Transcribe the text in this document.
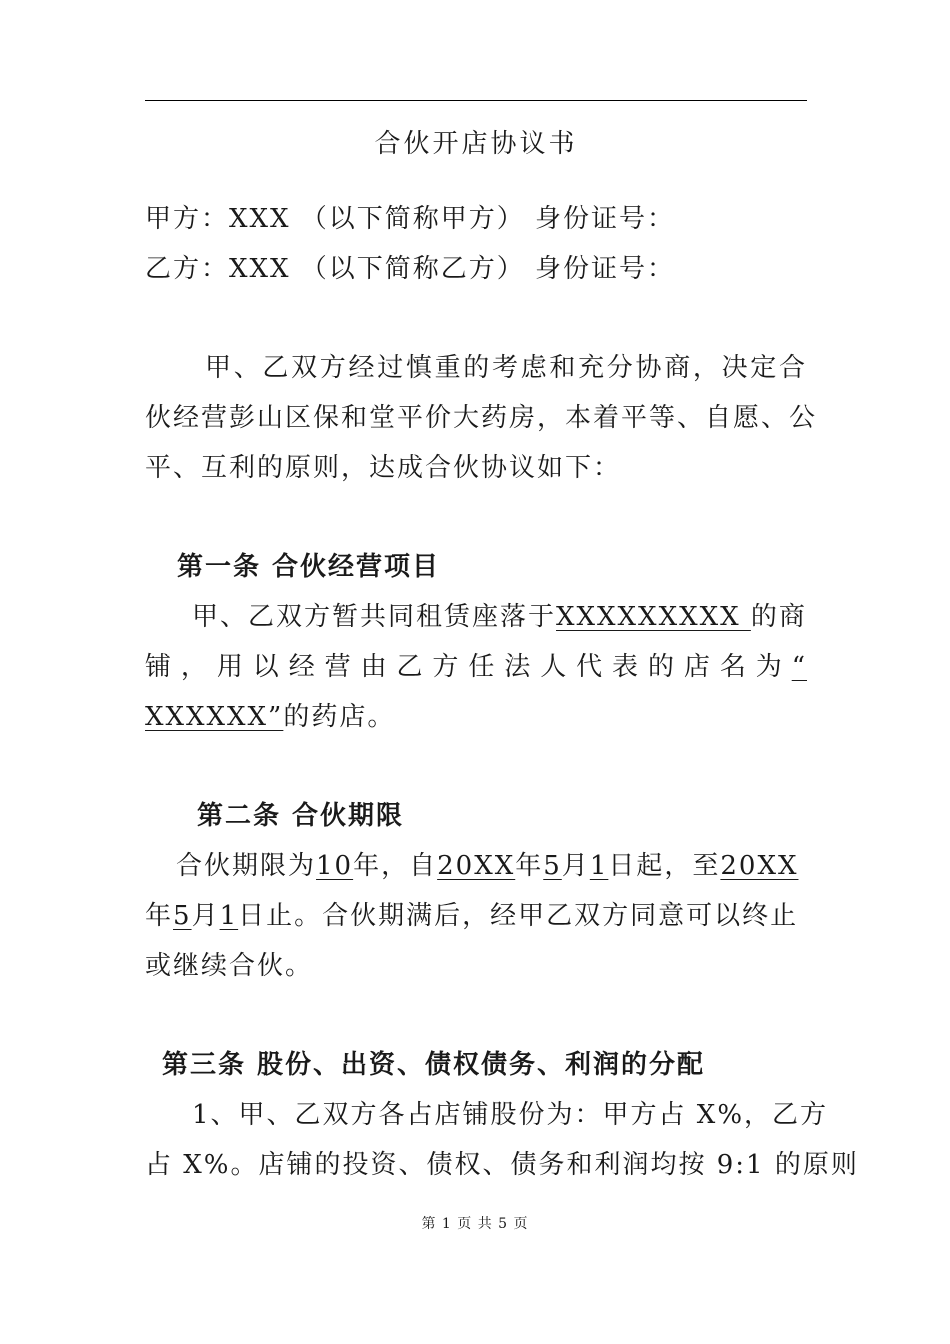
合伙开店协议书
甲方：XXX （以下简称甲方） 身份证号：
乙方：XXX （以下简称乙方） 身份证号：
甲、乙双方经过慎重的考虑和充分协商，决定合
伙经营彭山区保和堂平价大药房，本着平等、自愿、公
平、互利的原则，达成合伙协议如下：
第一条 合伙经营项目
甲、乙双方暂共同租赁座落于XXXXXXXXX 的商
铺，用以经营由乙方任法人代表的店名为“
XXXXXX”的药店。
第二条 合伙期限
合伙期限为10年，自20XX年5月1日起，至20XX
年5月1日止。合伙期满后，经甲乙双方同意可以终止
或继续合伙。
第三条 股份、出资、债权债务、利润的分配
1、甲、乙双方各占店铺股份为：甲方占 X%，乙方
占 X%。店铺的投资、债权、债务和利润均按 9:1 的原则
第 1 页 共 5 页
